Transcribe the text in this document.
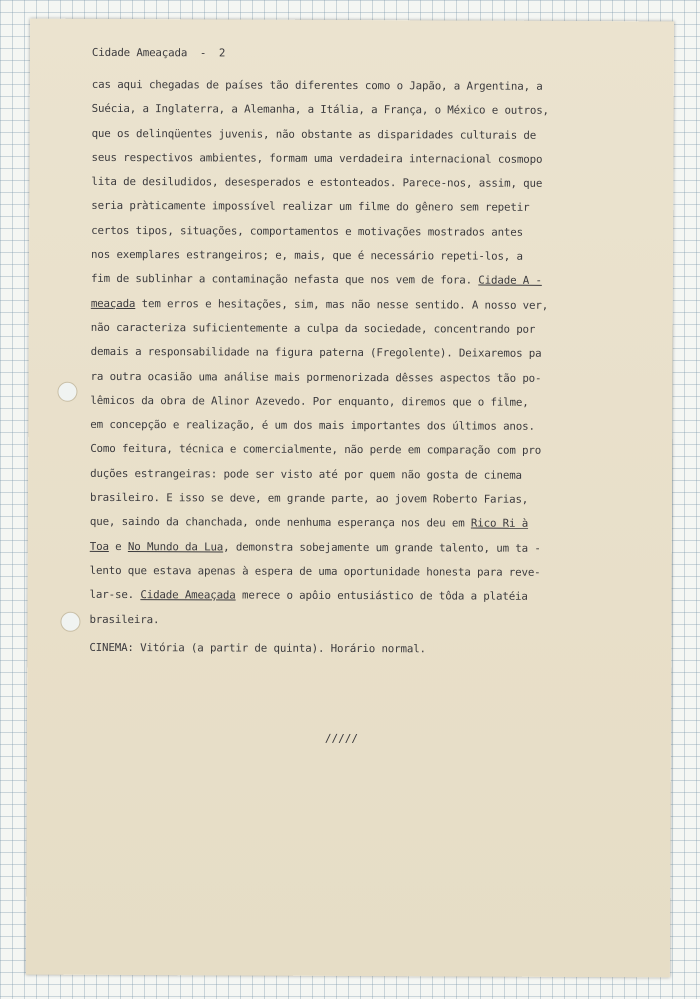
Cidade Ameaçada  -  2
cas aqui chegadas de países tão diferentes como o Japão, a Argentina, a
Suécia, a Inglaterra, a Alemanha, a Itália, a França, o México e outros,
que os delinqüentes juvenis, não obstante as disparidades culturais de
seus respectivos ambientes, formam uma verdadeira internacional cosmopo
lita de desiludidos, desesperados e estonteados. Parece-nos, assim, que
seria pràticamente impossível realizar um filme do gênero sem repetir
certos tipos, situações, comportamentos e motivações mostrados antes
nos exemplares estrangeiros; e, mais, que é necessário repeti-los, a
fim de sublinhar a contaminação nefasta que nos vem de fora. Cidade A -
meaçada tem erros e hesitações, sim, mas não nesse sentido. A nosso ver,
não caracteriza suficientemente a culpa da sociedade, concentrando por
demais a responsabilidade na figura paterna (Fregolente). Deixaremos pa
ra outra ocasião uma análise mais pormenorizada dêsses aspectos tão po-
lêmicos da obra de Alinor Azevedo. Por enquanto, diremos que o filme,
em concepção e realização, é um dos mais importantes dos últimos anos.
Como feitura, técnica e comercialmente, não perde em comparação com pro
duções estrangeiras: pode ser visto até por quem não gosta de cinema
brasileiro. E isso se deve, em grande parte, ao jovem Roberto Farias,
que, saindo da chanchada, onde nenhuma esperança nos deu em Rico Ri à
Toa e No Mundo da Lua, demonstra sobejamente um grande talento, um ta -
lento que estava apenas à espera de uma oportunidade honesta para reve-
lar-se. Cidade Ameaçada merece o apôio entusiástico de tôda a platéia
brasileira.
CINEMA: Vitória (a partir de quinta). Horário normal.
/////
